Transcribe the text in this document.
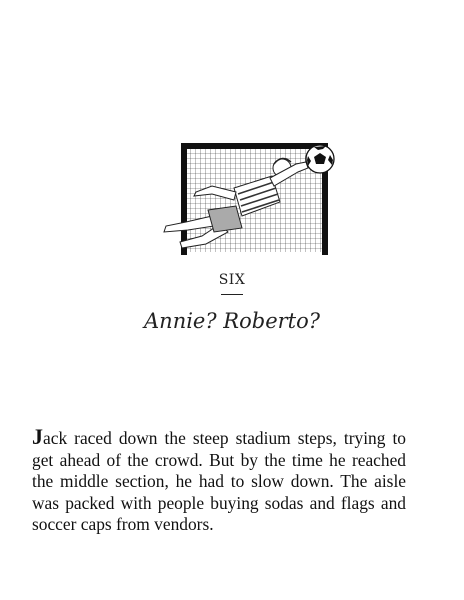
SIX
Annie? Roberto?
Jack raced down the steep stadium steps, trying to get ahead of the crowd. But by the time he reached the middle section, he had to slow down. The aisle was packed with people buying sodas and flags and soccer caps from vendors.
